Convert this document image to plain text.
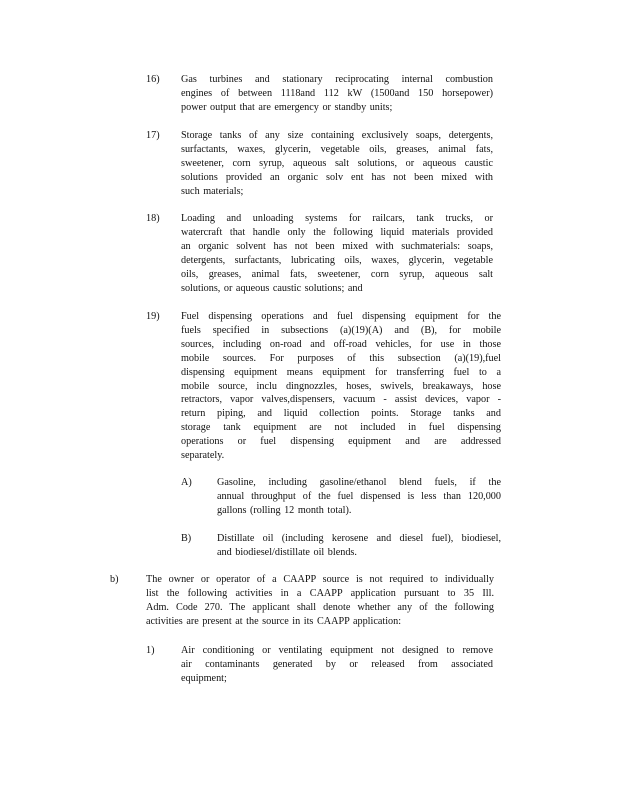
16) Gas turbines and stationary reciprocating internal combustion
engines of between 1118and 112 kW (1500and 150 horsepower)
power output that are emergency or standby units;
17) Storage tanks of any size containing exclusively soaps, detergents,
surfactants, waxes, glycerin, vegetable oils, greases, animal fats,
sweetener, corn syrup, aqueous salt solutions, or aqueous caustic
solutions provided an organic solv ent has not been mixed with
such materials;
18) Loading and unloading systems for railcars, tank trucks, or
watercraft that handle only the following liquid materials provided
an organic solvent has not been mixed with suchmaterials: soaps,
detergents, surfactants, lubricating oils, waxes, glycerin, vegetable
oils, greases, animal fats, sweetener, corn syrup, aqueous salt
solutions, or aqueous caustic solutions; and
19) Fuel dispensing operations and fuel dispensing equipment for the
fuels specified in subsections (a)(19)(A) and (B), for mobile
sources, including on-road and off-road vehicles, for use in those
mobile sources. For purposes of this subsection (a)(19),fuel
dispensing equipment means equipment for transferring fuel to a
mobile source, inclu dingnozzles, hoses, swivels, breakaways, hose
retractors, vapor valves,dispensers, vacuum - assist devices, vapor -
return piping, and liquid collection points. Storage tanks and
storage tank equipment are not included in fuel dispensing
operations or fuel dispensing equipment and are addressed
separately.
A) Gasoline, including gasoline/ethanol blend fuels, if the
annual throughput of the fuel dispensed is less than 120,000
gallons (rolling 12 month total).
B)	Distillate oil (including kerosene and diesel fuel), biodiesel,
and biodiesel/distillate oil blends.
b)	The owner or operator of a CAAPP source is not required to individually
list the following activities in a CAAPP application pursuant to 35 Ill.
Adm. Code 270. The applicant shall denote whether any of the following
activities are present at the source in its CAAPP application:
1)	Air conditioning or ventilating equipment not designed to remove
air contaminants generated by or released from associated
equipment;
